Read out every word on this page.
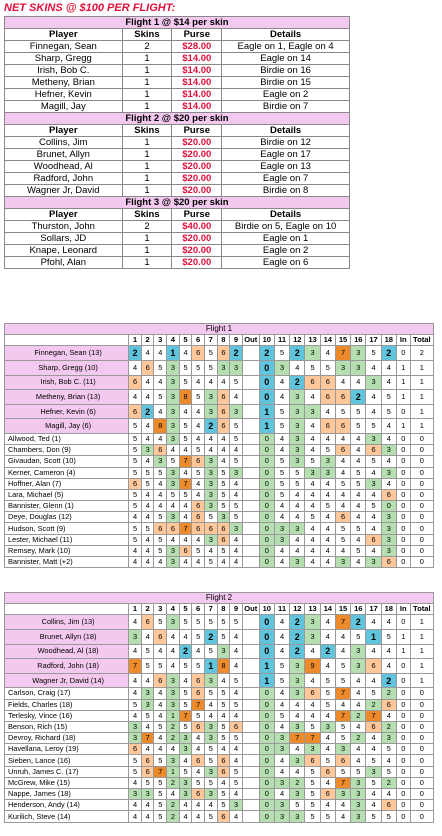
NET SKINS @ $100 PER FLIGHT:
Flight 1 @ $14 per skin			
Player	Skins	Purse	Details
Finnegan, Sean	2	$28.00	Eagle on 1, Eagle on 4
Sharp, Gregg	1	$14.00	Eagle on 14
Irish, Bob C.	1	$14.00	Birdie on 16
Metheny, Brian	1	$14.00	Birdie on 15
Hefner, Kevin	1	$14.00	Eagle on 2
Magill, Jay	1	$14.00	Birdie on 7
Flight 2 @ $20 per skin			
Player	Skins	Purse	Details
Collins, Jim	1	$20.00	Birdie on 12
Brunet, Allyn	1	$20.00	Eagle on 17
Woodhead, Al	1	$20.00	Eagle on 13
Radford, John	1	$20.00	Eagle on 7
Wagner Jr, David	1	$20.00	Birdie on 8
Flight 3 @ $20 per skin			
Player	Skins	Purse	Details
Thurston, John	2	$40.00	Birdie on 5, Eagle on 10
Sollars, JD	1	$20.00	Eagle on 1
Knape, Leonard	1	$20.00	Eagle on 2
Pfohl, Alan	1	$20.00	Eagle on 6
Flight 1																					
	1	2	3	4	5	6	7	8	9	Out	10	11	12	13	14	15	16	17	18	In	Total
Finnegan, Sean (13)	2	4	4	1	4	6	5	6	2		2	5	2	3	4	7	3	5	2	0	2
Sharp, Gregg (10)	4	6	5	3	5	5	5	3	3		0	3	4	5	5	3	3	4	4	1	1
Irish, Bob C. (11)	6	4	4	3	5	4	4	4	5		0	4	2	6	6	4	4	3	4	1	1
Metheny, Brian (13)	4	4	5	3	8	5	3	6	4		0	4	3	4	6	6	2	4	5	1	1
Hefner, Kevin (6)	6	2	4	3	4	4	3	6	3		1	5	3	3	4	5	5	4	5	0	1
Magill, Jay (6)	5	4	8	3	5	4	2	6	5		1	5	3	4	6	6	5	5	4	1	1
Allwood, Ted (1)	5	4	4	3	5	4	4	4	5		0	4	3	4	4	4	4	3	4	0	0
Chambers, Don (9)	5	3	6	4	4	5	4	4	4		0	4	3	4	5	6	4	6	3	0	0
Givaudan, Scott (10)	5	4	3	5	7	6	3	4	5		0	5	3	5	3	4	4	5	4	0	0
Kerner, Cameron (4)	5	5	5	3	4	5	3	5	3		0	5	5	3	3	4	5	4	3	0	0
Hoffner, Alan (7)	6	5	4	3	7	4	3	5	4		0	5	5	4	4	5	5	3	4	0	0
Lara, Michael (5)	5	4	4	5	5	4	3	5	4		0	5	4	4	4	4	4	4	6	0	0
Bannister, Glenn (1)	5	4	4	4	4	6	3	5	5		0	4	4	4	5	4	4	5	0	0	0
Deye, Douglas (12)	4	4	5	3	4	6	5	3	5		0	4	4	5	4	6	4	4	3	0	0
Hudson, Scott (9)	5	5	6	6	7	6	6	6	3		0	3	3	4	4	5	5	4	3	0	0
Lester, Michael (11)	5	4	5	4	4	4	3	6	4		0	3	4	4	4	5	4	6	3	0	0
Remsey, Mark (10)	4	4	5	3	6	5	4	5	4		0	4	4	4	4	4	5	4	3	0	0
Bannister, Matt (+2)	4	4	4	3	4	4	5	4	4		0	4	3	4	4	3	4	3	6	0	0
Flight 2																					
	1	2	3	4	5	6	7	8	9	Out	10	11	12	13	14	15	16	17	18	In	Total
Collins, Jim (13)	4	6	5	3	5	5	5	5	5		0	4	2	3	4	7	2	4	4	0	1
Brunet, Allyn (18)	3	4	6	4	4	5	2	5	4		0	4	2	3	4	4	5	1	5	1	1
Woodhead, Al (18)	4	5	4	4	2	4	5	3	4		0	4	2	4	2	4	3	4	4	1	1
Radford, John (18)	7	5	5	4	5	5	1	8	4		1	5	3	9	4	5	3	6	4	0	1
Wagner Jr, David (14)	4	4	6	3	4	6	3	4	5		1	5	3	4	5	5	4	4	2	0	1
Carlson, Craig (17)	4	3	4	3	5	6	5	5	4		0	4	3	6	5	7	4	5	2	0	0
Fields, Charles (18)	5	3	4	3	5	7	4	5	5		0	4	4	4	5	4	4	2	6	0	0
Terlesky, Vince (16)	4	5	4	1	7	5	4	4	4		0	5	4	4	4	7	2	7	4	0	0
Benson, Rich (15)	3	4	5	2	5	6	3	5	6		0	4	3	5	3	5	4	6	2	0	0
Devroy, Richard (18)	3	7	4	2	3	4	3	5	5		0	3	7	7	4	5	2	4	3	0	0
Havellana, Leroy (19)	6	4	4	4	3	4	5	4	4		0	3	4	3	4	3	4	4	5	0	0
Sieben, Lance (16)	5	6	5	3	4	6	5	6	4		0	4	3	6	5	6	4	5	4	0	0
Unruh, James C. (17)	5	6	7	1	5	4	3	6	5		0	4	4	5	6	5	5	3	5	0	0
McGrew, Mike (15)	4	5	5	2	3	5	5	4	5		0	3	2	5	4	7	3	5	2	0	0
Nappe, James (18)	3	3	5	4	3	6	3	5	4		0	4	3	5	6	3	3	4	4	0	0
Henderson, Andy (14)	4	4	5	2	4	4	4	5	3		0	3	5	5	4	4	3	4	6	0	0
Kurilich, Steve (14)	4	4	5	2	4	4	5	6	4		0	3	3	5	5	4	3	5	5	0	0
